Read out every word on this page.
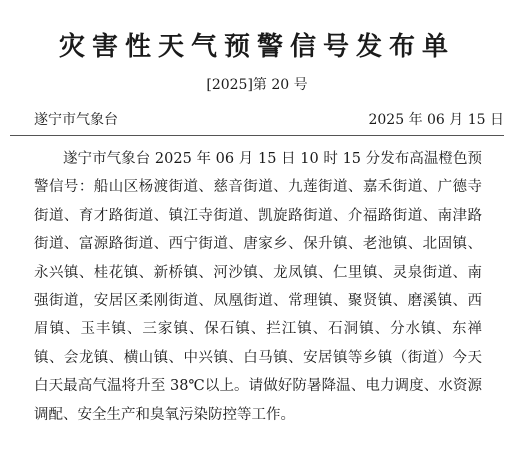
灾害性天气预警信号发布单
[2025]第 20 号
遂宁市气象台	2025 年 06 月 15 日

遂宁市气象台 2025 年 06 月 15 日 10 时 15 分发布高温橙色预警信号：船山区杨渡街道、慈音街道、九莲街道、嘉禾街道、广德寺街道、育才路街道、镇江寺街道、凯旋路街道、介福路街道、南津路街道、富源路街道、西宁街道、唐家乡、保升镇、老池镇、北固镇、永兴镇、桂花镇、新桥镇、河沙镇、龙凤镇、仁里镇、灵泉街道、南强街道，安居区柔刚街道、凤凰街道、常理镇、聚贤镇、磨溪镇、西眉镇、玉丰镇、三家镇、保石镇、拦江镇、石洞镇、分水镇、东禅镇、会龙镇、横山镇、中兴镇、白马镇、安居镇等乡镇（街道）今天白天最高气温将升至 38℃以上。请做好防暑降温、电力调度、水资源调配、安全生产和臭氧污染防控等工作。
